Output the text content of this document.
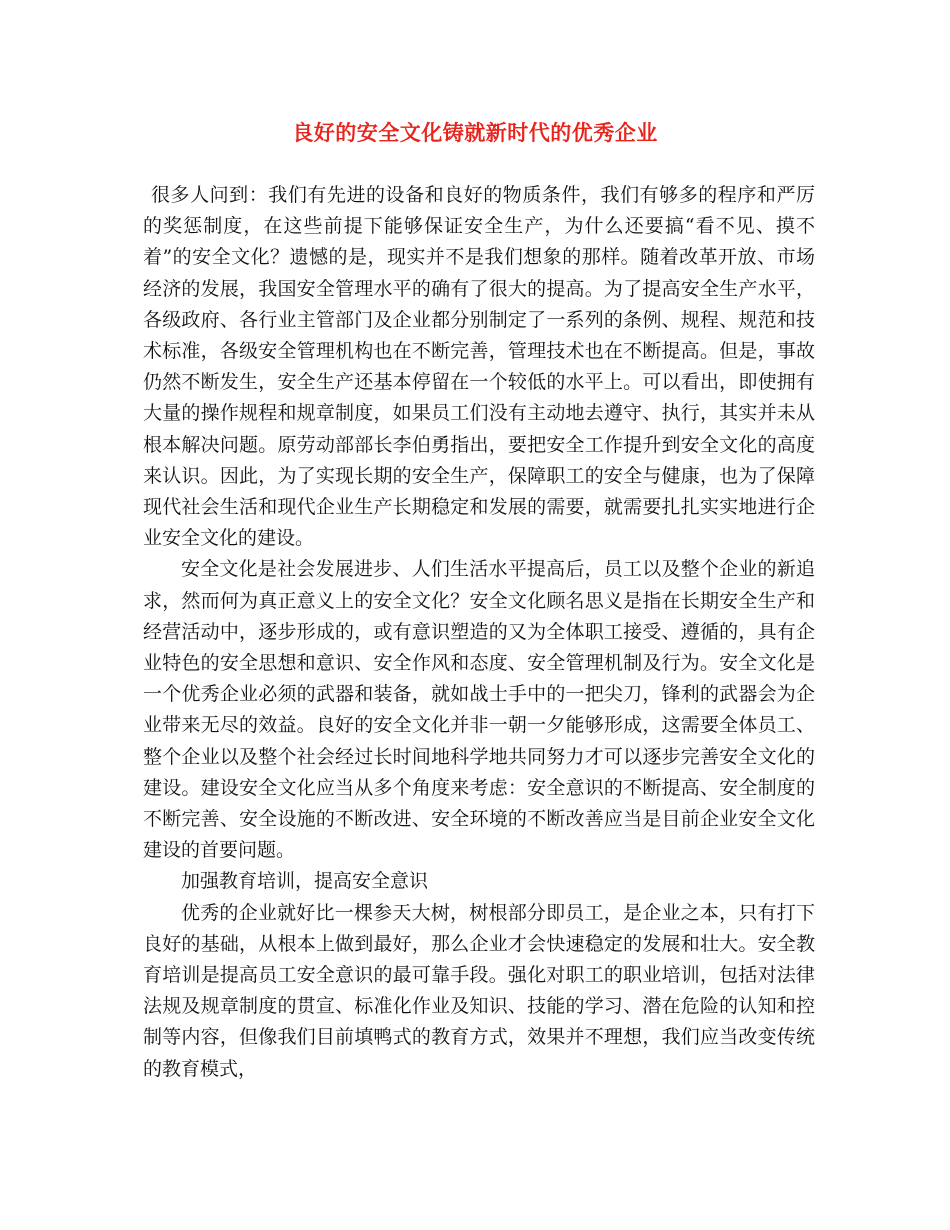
良好的安全文化铸就新时代的优秀企业

很多人问到：我们有先进的设备和良好的物质条件，我们有够多的程序和严厉的奖惩制度，在这些前提下能够保证安全生产，为什么还要搞“看不见、摸不着”的安全文化？遗憾的是，现实并不是我们想象的那样。随着改革开放、市场经济的发展，我国安全管理水平的确有了很大的提高。为了提高安全生产水平，各级政府、各行业主管部门及企业都分别制定了一系列的条例、规程、规范和技术标准，各级安全管理机构也在不断完善，管理技术也在不断提高。但是，事故仍然不断发生，安全生产还基本停留在一个较低的水平上。可以看出，即使拥有大量的操作规程和规章制度，如果员工们没有主动地去遵守、执行，其实并未从根本解决问题。原劳动部部长李伯勇指出，要把安全工作提升到安全文化的高度来认识。因此，为了实现长期的安全生产，保障职工的安全与健康，也为了保障现代社会生活和现代企业生产长期稳定和发展的需要，就需要扎扎实实地进行企业安全文化的建设。

安全文化是社会发展进步、人们生活水平提高后，员工以及整个企业的新追求，然而何为真正意义上的安全文化？安全文化顾名思义是指在长期安全生产和经营活动中，逐步形成的，或有意识塑造的又为全体职工接受、遵循的，具有企业特色的安全思想和意识、安全作风和态度、安全管理机制及行为。安全文化是一个优秀企业必须的武器和装备，就如战士手中的一把尖刀，锋利的武器会为企业带来无尽的效益。良好的安全文化并非一朝一夕能够形成，这需要全体员工、整个企业以及整个社会经过长时间地科学地共同努力才可以逐步完善安全文化的建设。建设安全文化应当从多个角度来考虑：安全意识的不断提高、安全制度的不断完善、安全设施的不断改进、安全环境的不断改善应当是目前企业安全文化建设的首要问题。

加强教育培训，提高安全意识

优秀的企业就好比一棵参天大树，树根部分即员工，是企业之本，只有打下良好的基础，从根本上做到最好，那么企业才会快速稳定的发展和壮大。安全教育培训是提高员工安全意识的最可靠手段。强化对职工的职业培训，包括对法律法规及规章制度的贯宣、标准化作业及知识、技能的学习、潜在危险的认知和控制等内容，但像我们目前填鸭式的教育方式，效果并不理想，我们应当改变传统的教育模式，
